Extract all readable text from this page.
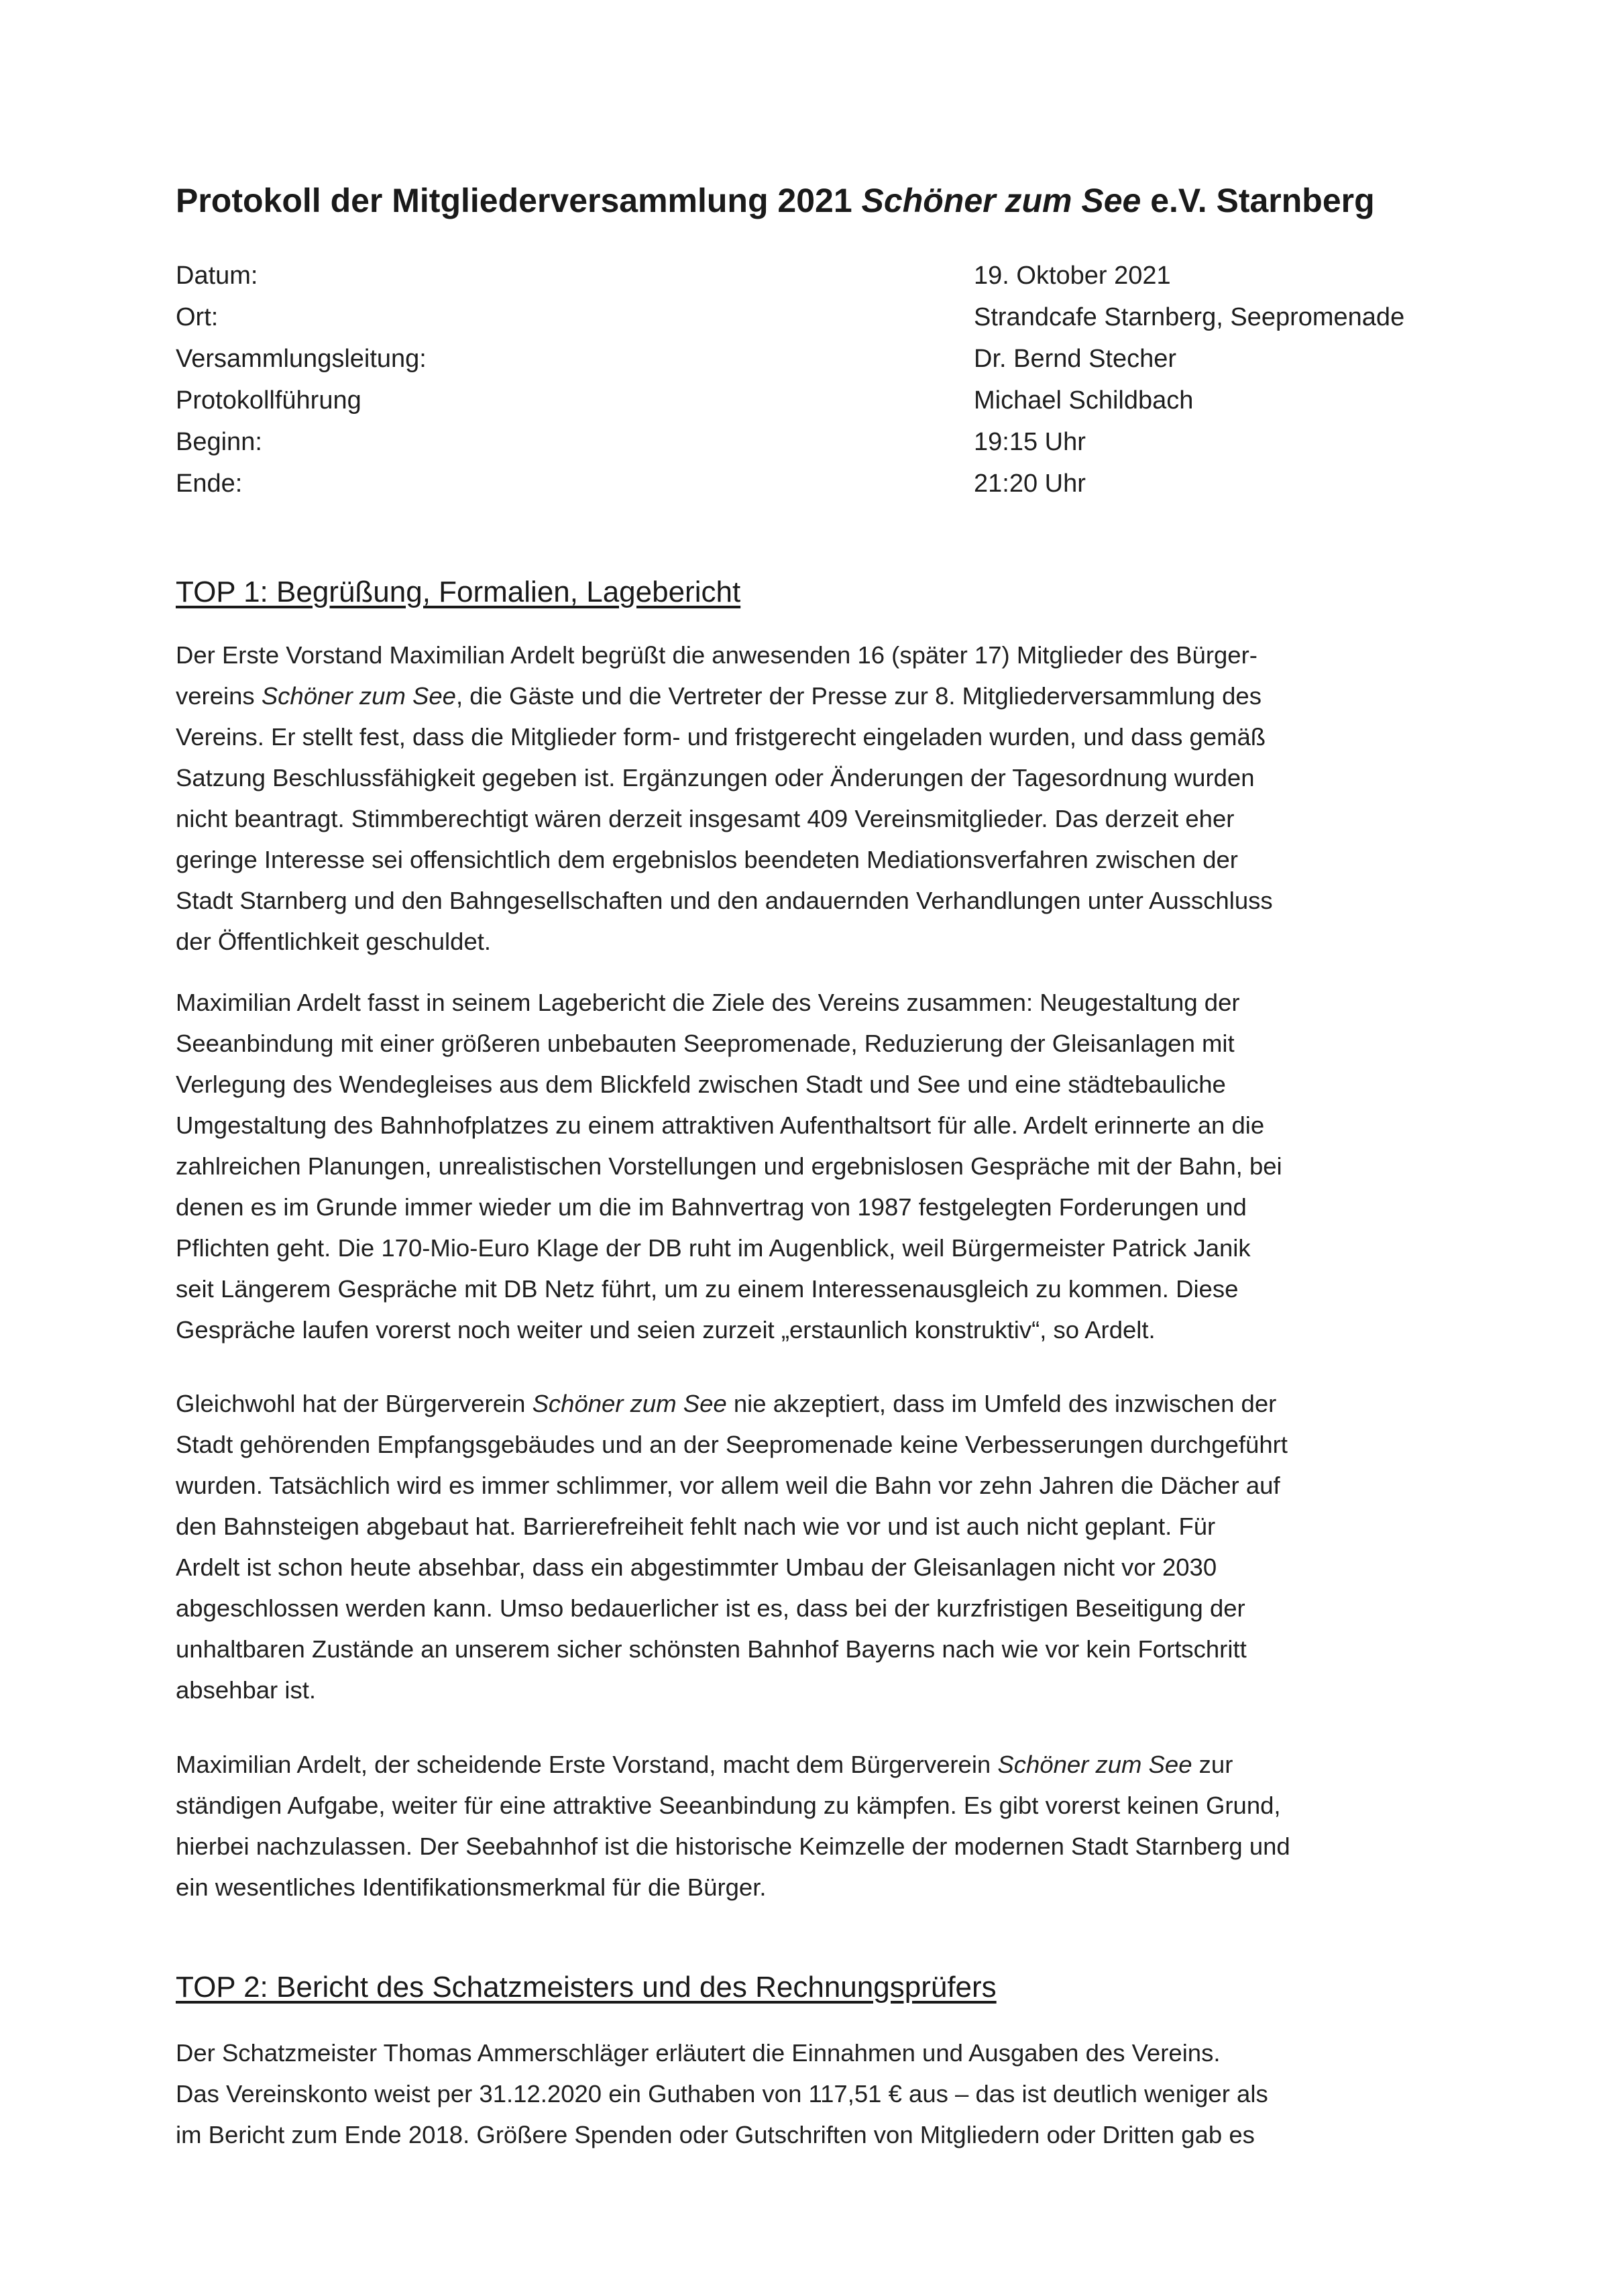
Protokoll der Mitgliederversammlung 2021 Schöner zum See e.V. Starnberg
Datum:	19. Oktober 2021
Ort:	Strandcafe Starnberg, Seepromenade
Versammlungsleitung:	Dr. Bernd Stecher
Protokollführung	Michael Schildbach
Beginn:	19:15 Uhr
Ende:	21:20 Uhr
TOP 1: Begrüßung, Formalien, Lagebericht

Der Erste Vorstand Maximilian Ardelt begrüßt die anwesenden 16 (später 17) Mitglieder des Bürger-
vereins Schöner zum See, die Gäste und die Vertreter der Presse zur 8. Mitgliederversammlung des
Vereins. Er stellt fest, dass die Mitglieder form- und fristgerecht eingeladen wurden, und dass gemäß
Satzung Beschlussfähigkeit gegeben ist. Ergänzungen oder Änderungen der Tagesordnung wurden
nicht beantragt. Stimmberechtigt wären derzeit insgesamt 409 Vereinsmitglieder. Das derzeit eher
geringe Interesse sei offensichtlich dem ergebnislos beendeten Mediationsverfahren zwischen der
Stadt Starnberg und den Bahngesellschaften und den andauernden Verhandlungen unter Ausschluss
der Öffentlichkeit geschuldet.

Maximilian Ardelt fasst in seinem Lagebericht die Ziele des Vereins zusammen: Neugestaltung der
Seeanbindung mit einer größeren unbebauten Seepromenade, Reduzierung der Gleisanlagen mit
Verlegung des Wendegleises aus dem Blickfeld zwischen Stadt und See und eine städtebauliche
Umgestaltung des Bahnhofplatzes zu einem attraktiven Aufenthaltsort für alle. Ardelt erinnerte an die
zahlreichen Planungen, unrealistischen Vorstellungen und ergebnislosen Gespräche mit der Bahn, bei
denen es im Grunde immer wieder um die im Bahnvertrag von 1987 festgelegten Forderungen und
Pflichten geht. Die 170-Mio-Euro Klage der DB ruht im Augenblick, weil Bürgermeister Patrick Janik
seit Längerem Gespräche mit DB Netz führt, um zu einem Interessenausgleich zu kommen. Diese
Gespräche laufen vorerst noch weiter und seien zurzeit „erstaunlich konstruktiv“, so Ardelt.

Gleichwohl hat der Bürgerverein Schöner zum See nie akzeptiert, dass im Umfeld des inzwischen der
Stadt gehörenden Empfangsgebäudes und an der Seepromenade keine Verbesserungen durchgeführt
wurden. Tatsächlich wird es immer schlimmer, vor allem weil die Bahn vor zehn Jahren die Dächer auf
den Bahnsteigen abgebaut hat. Barrierefreiheit fehlt nach wie vor und ist auch nicht geplant. Für
Ardelt ist schon heute absehbar, dass ein abgestimmter Umbau der Gleisanlagen nicht vor 2030
abgeschlossen werden kann. Umso bedauerlicher ist es, dass bei der kurzfristigen Beseitigung der
unhaltbaren Zustände an unserem sicher schönsten Bahnhof Bayerns nach wie vor kein Fortschritt
absehbar ist.

Maximilian Ardelt, der scheidende Erste Vorstand, macht dem Bürgerverein Schöner zum See zur
ständigen Aufgabe, weiter für eine attraktive Seeanbindung zu kämpfen. Es gibt vorerst keinen Grund,
hierbei nachzulassen. Der Seebahnhof ist die historische Keimzelle der modernen Stadt Starnberg und
ein wesentliches Identifikationsmerkmal für die Bürger.

TOP 2: Bericht des Schatzmeisters und des Rechnungsprüfers

Der Schatzmeister Thomas Ammerschläger erläutert die Einnahmen und Ausgaben des Vereins.
Das Vereinskonto weist per 31.12.2020 ein Guthaben von 117,51 € aus – das ist deutlich weniger als
im Bericht zum Ende 2018. Größere Spenden oder Gutschriften von Mitgliedern oder Dritten gab es
